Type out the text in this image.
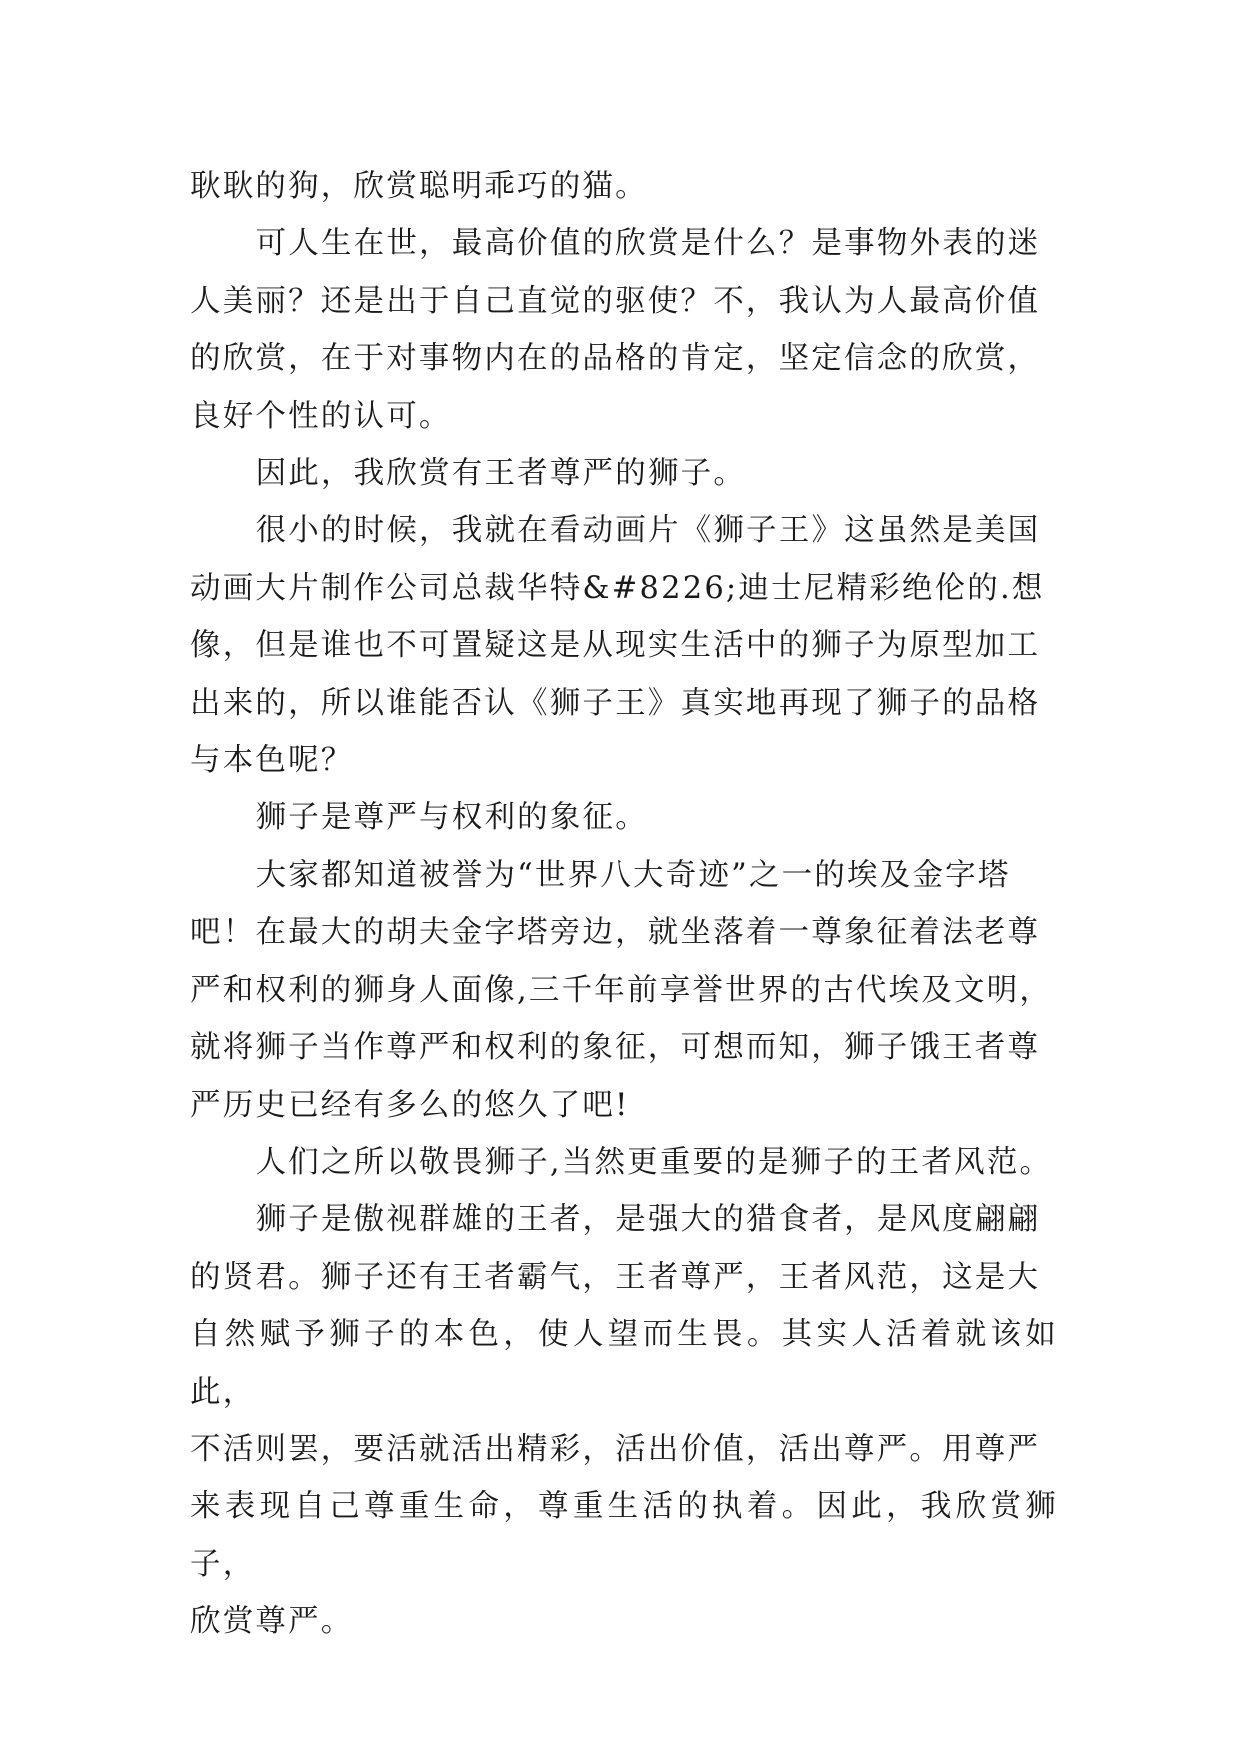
耿耿的狗，欣赏聪明乖巧的猫。

可人生在世，最高价值的欣赏是什么？是事物外表的迷
人美丽？还是出于自己直觉的驱使？不，我认为人最高价值
的欣赏，在于对事物内在的品格的肯定，坚定信念的欣赏，
良好个性的认可。

因此，我欣赏有王者尊严的狮子。

很小的时候，我就在看动画片《狮子王》这虽然是美国
动画大片制作公司总裁华特&#8226;迪士尼精彩绝伦的.想
像，但是谁也不可置疑这是从现实生活中的狮子为原型加工
出来的，所以谁能否认《狮子王》真实地再现了狮子的品格
与本色呢？

狮子是尊严与权利的象征。

大家都知道被誉为“世界八大奇迹”之一的埃及金字塔
吧！在最大的胡夫金字塔旁边，就坐落着一尊象征着法老尊
严和权利的狮身人面像,三千年前享誉世界的古代埃及文明，
就将狮子当作尊严和权利的象征，可想而知，狮子饿王者尊
严历史已经有多么的悠久了吧!

人们之所以敬畏狮子,当然更重要的是狮子的王者风范。

狮子是傲视群雄的王者，是强大的猎食者，是风度翩翩
的贤君。狮子还有王者霸气，王者尊严，王者风范，这是大
自然赋予狮子的本色，使人望而生畏。其实人活着就该如此，
不活则罢，要活就活出精彩，活出价值，活出尊严。用尊严
来表现自己尊重生命，尊重生活的执着。因此，我欣赏狮子，
欣赏尊严。
